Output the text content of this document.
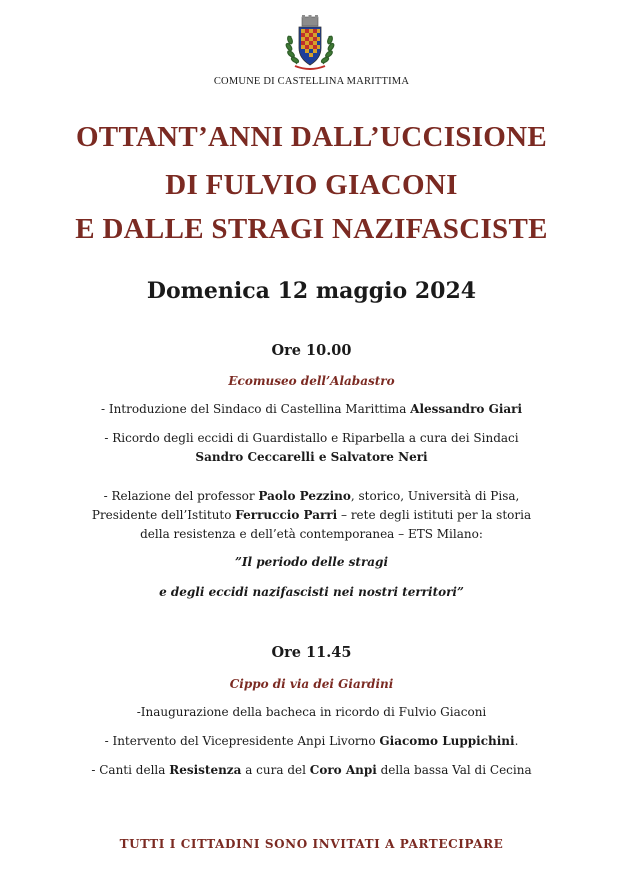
COMUNE DI CASTELLINA MARITTIMA
OTTANT’ANNI DALL’UCCISIONE
DI FULVIO GIACONI
E DALLE STRAGI NAZIFASCISTE
Domenica 12 maggio 2024
Ore 10.00
Ecomuseo dell’Alabastro
- Introduzione del Sindaco di Castellina Marittima Alessandro Giari
- Ricordo degli eccidi di Guardistallo e Riparbella a cura dei Sindaci
Sandro Ceccarelli e Salvatore Neri
- Relazione del professor Paolo Pezzino, storico, Università di Pisa,
Presidente dell’Istituto Ferruccio Parri – rete degli istituti per la storia
della resistenza e dell’età contemporanea – ETS Milano:
”Il periodo delle stragi
e degli eccidi nazifascisti nei nostri territori”
Ore 11.45
Cippo di via dei Giardini
-Inaugurazione della bacheca in ricordo di Fulvio Giaconi
- Intervento del Vicepresidente Anpi Livorno Giacomo Luppichini.
- Canti della Resistenza a cura del Coro Anpi della bassa Val di Cecina
TUTTI I CITTADINI SONO INVITATI A PARTECIPARE
